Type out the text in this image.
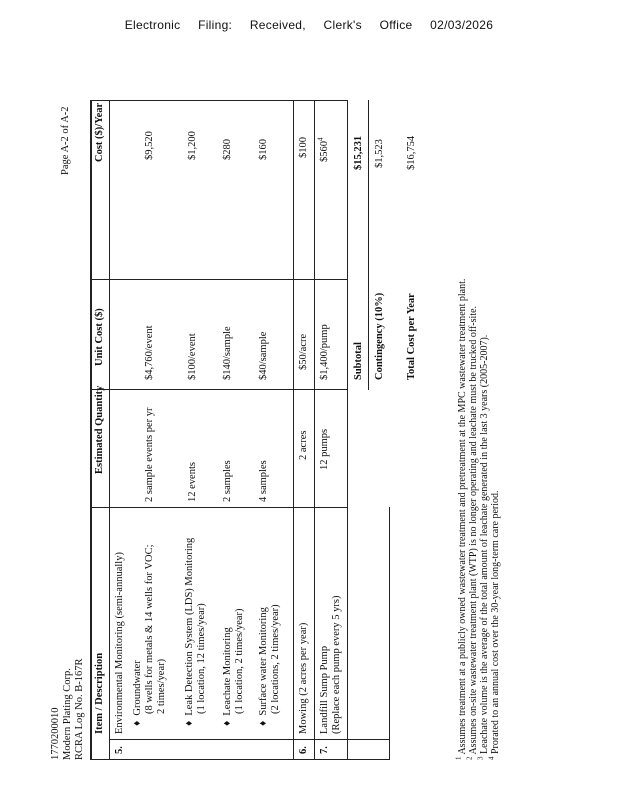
Electronic Filing: Received, Clerk's Office 02/03/2026
1770200010 Modern Plating Corp. RCRA Log No. B-167R
Page A-2 of A-2
Item / Description
Estimated Quantity
Unit Cost ($)
Cost ($)/Year
5.
Environmental Monitoring (semi-annually)
♦ Groundwater (8 wells for metals & 14 wells for VOC; 2 times/year)
2 sample events per yr
$4,760/event
$9,520
♦ Leak Detection System (LDS) Monitoring (1 location, 12 times/year)
12 events
$100/event
$1,200
♦ Leachate Monitoring (1 location, 2 times/year)
2 samples
$140/sample
$280
♦ Surface water Monitoring (2 locations, 2 times/year)
4 samples
$40/sample
$160
6.
Mowing (2 acres per year)
2 acres
$50/acre
$100
7.
Landfill Sump Pump (Replace each pump every 5 yrs)
12 pumps
$1,400/pump
$\$560^4$
Subtotal
$15,231
Contingency (10%)
$1,523
Total Cost per Year
$16,754
$^1$ Assumes treatment at a publicly owned wastewater treatment and pretreatment at the MPC wastewater treatment plant.
$^2$ Assumes on-site wastewater treatment plant (WTP) is no longer operating and leachate must be trucked off-site.
$^3$ Leachate volume is the average of the total amount of leachate generated in the last 3 years (2005-2007).
$^4$ Prorated to an annual cost over the 30-year long-term care period.
